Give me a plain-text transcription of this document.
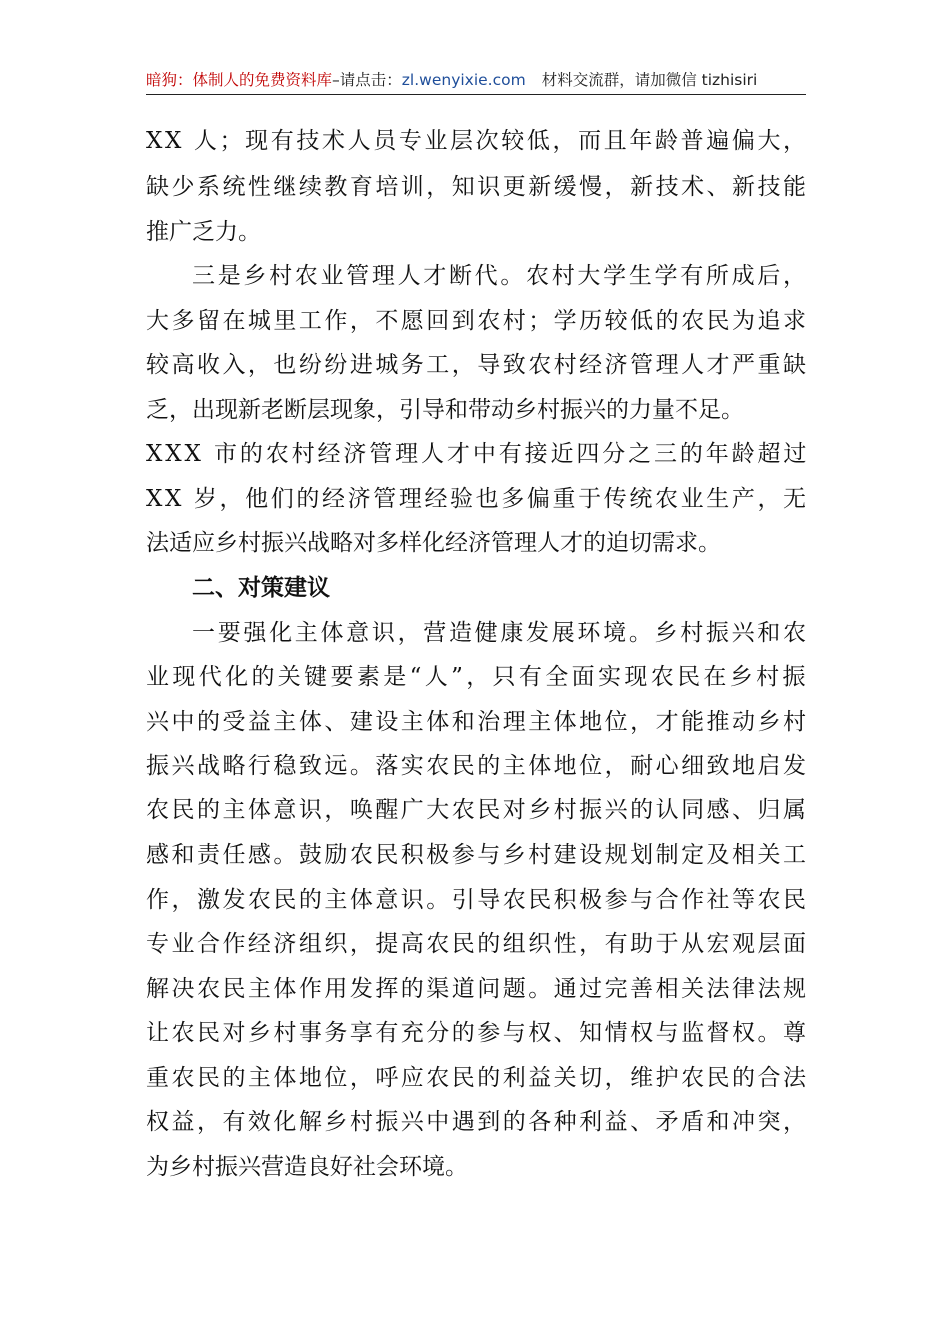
暗狗：体制人的免费资料库–请点击：zl.wenyixie.com 材料交流群，请加微信 tizhisiri
XX 人；现有技术人员专业层次较低，而且年龄普遍偏大，
缺少系统性继续教育培训，知识更新缓慢，新技术、新技能
推广乏力。
三是乡村农业管理人才断代。农村大学生学有所成后，
大多留在城里工作，不愿回到农村；学历较低的农民为追求
较高收入，也纷纷进城务工，导致农村经济管理人才严重缺
乏，出现新老断层现象，引导和带动乡村振兴的力量不足。
XXX 市的农村经济管理人才中有接近四分之三的年龄超过
XX 岁，他们的经济管理经验也多偏重于传统农业生产，无
法适应乡村振兴战略对多样化经济管理人才的迫切需求。
二、对策建议
一要强化主体意识，营造健康发展环境。乡村振兴和农
业现代化的关键要素是“人”，只有全面实现农民在乡村振
兴中的受益主体、建设主体和治理主体地位，才能推动乡村
振兴战略行稳致远。落实农民的主体地位，耐心细致地启发
农民的主体意识，唤醒广大农民对乡村振兴的认同感、归属
感和责任感。鼓励农民积极参与乡村建设规划制定及相关工
作，激发农民的主体意识。引导农民积极参与合作社等农民
专业合作经济组织，提高农民的组织性，有助于从宏观层面
解决农民主体作用发挥的渠道问题。通过完善相关法律法规
让农民对乡村事务享有充分的参与权、知情权与监督权。尊
重农民的主体地位，呼应农民的利益关切，维护农民的合法
权益，有效化解乡村振兴中遇到的各种利益、矛盾和冲突，
为乡村振兴营造良好社会环境。
